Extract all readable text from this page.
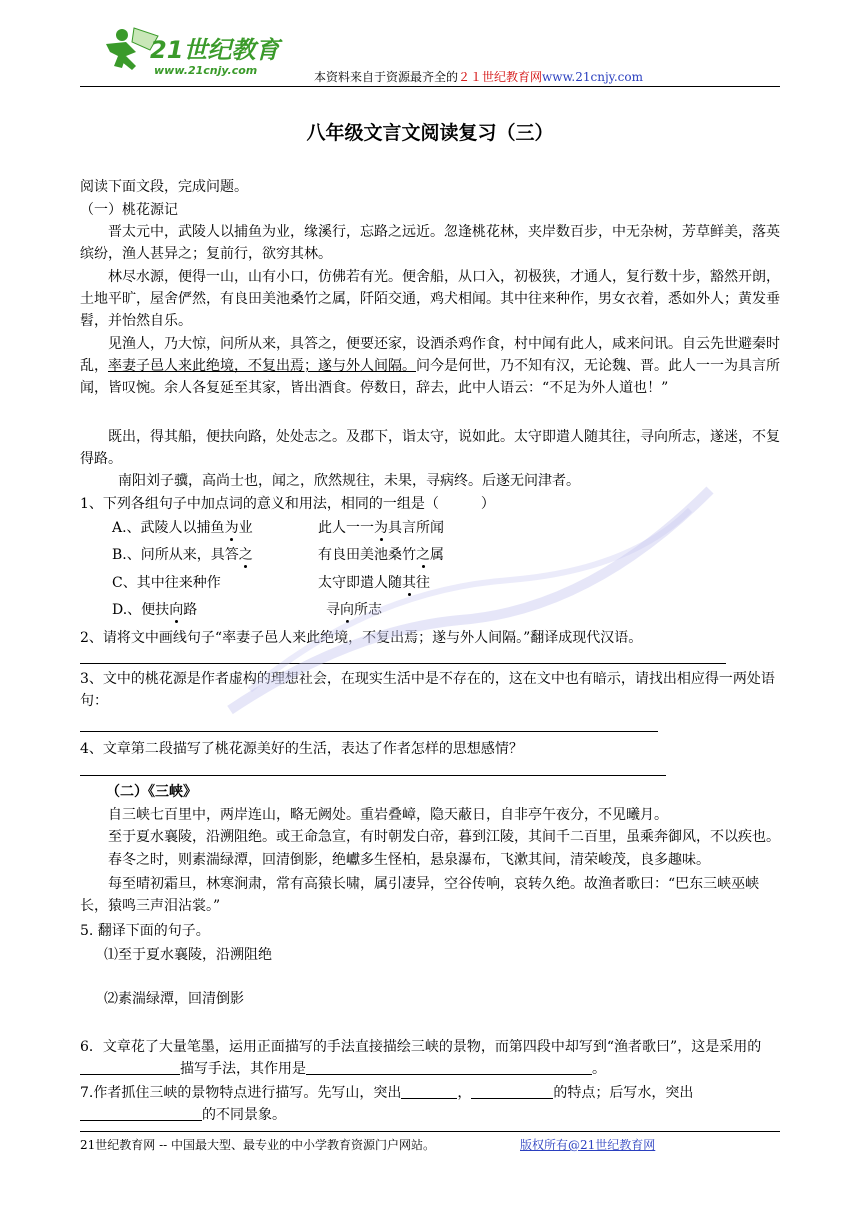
21世纪教育
www.21cnjy.com	本资料来自于资源最齐全的２１世纪教育网www.21cnjy.com
八年级文言文阅读复习（三）
阅读下面文段，完成问题。
（一）桃花源记
晋太元中，武陵人以捕鱼为业，缘溪行，忘路之远近。忽逢桃花林，夹岸数百步，中无杂树，芳草鲜美，落英缤纷，渔人甚异之；复前行，欲穷其林。
林尽水源，便得一山，山有小口，仿佛若有光。便舍船，从口入，初极狭，才通人，复行数十步，豁然开朗，土地平旷，屋舍俨然，有良田美池桑竹之属，阡陌交通，鸡犬相闻。其中往来种作，男女衣着，悉如外人；黄发垂髫，并怡然自乐。
见渔人，乃大惊，问所从来，具答之，便要还家，设酒杀鸡作食，村中闻有此人，咸来问讯。自云先世避秦时乱，率妻子邑人来此绝境，不复出焉；遂与外人间隔。问今是何世，乃不知有汉，无论魏、晋。此人一一为具言所闻，皆叹惋。余人各复延至其家，皆出酒食。停数日，辞去，此中人语云：“不足为外人道也！”
既出，得其船，便扶向路，处处志之。及郡下，诣太守，说如此。太守即遣人随其往，寻向所志，遂迷，不复得路。
南阳刘子骥，高尚士也，闻之，欣然规往，未果，寻病终。后遂无问津者。
1、下列各组句子中加点词的意义和用法，相同的一组是（　　　）
A.、武陵人以捕鱼为业	此人一一为具言所闻
B.、问所从来，具答之	有良田美池桑竹之属
C、其中往来种作	太守即遣人随其往
D.、便扶向路	寻向所志
2、请将文中画线句子“率妻子邑人来此绝境，不复出焉；遂与外人间隔。”翻译成现代汉语。
3、文中的桃花源是作者虚构的理想社会，在现实生活中是不存在的，这在文中也有暗示，请找出相应得一两处语句：
4、文章第二段描写了桃花源美好的生活，表达了作者怎样的思想感情？
（二）《三峡》
自三峡七百里中，两岸连山，略无阙处。重岩叠嶂，隐天蔽日，自非亭午夜分，不见曦月。
至于夏水襄陵，沿溯阻绝。或王命急宣，有时朝发白帝，暮到江陵，其间千二百里，虽乘奔御风，不以疾也。
春冬之时，则素湍绿潭，回清倒影，绝巘多生怪柏，悬泉瀑布，飞漱其间，清荣峻茂，良多趣味。
每至晴初霜旦，林寒涧肃，常有高猿长啸，属引凄异，空谷传响，哀转久绝。故渔者歌曰：“巴东三峡巫峡长，猿鸣三声泪沾裳。”
5. 翻译下面的句子。
⑴至于夏水襄陵，沿溯阻绝
⑵素湍绿潭，回清倒影
6．文章花了大量笔墨，运用正面描写的手法直接描绘三峡的景物，而第四段中却写到“渔者歌曰”，这是采用的描写手法，其作用是	。
7.作者抓住三峡的景物特点进行描写。先写山，突出	，	的特点；后写水，突出的不同景象。
21世纪教育网 -- 中国最大型、最专业的中小学教育资源门户网站。	版权所有@21世纪教育网
